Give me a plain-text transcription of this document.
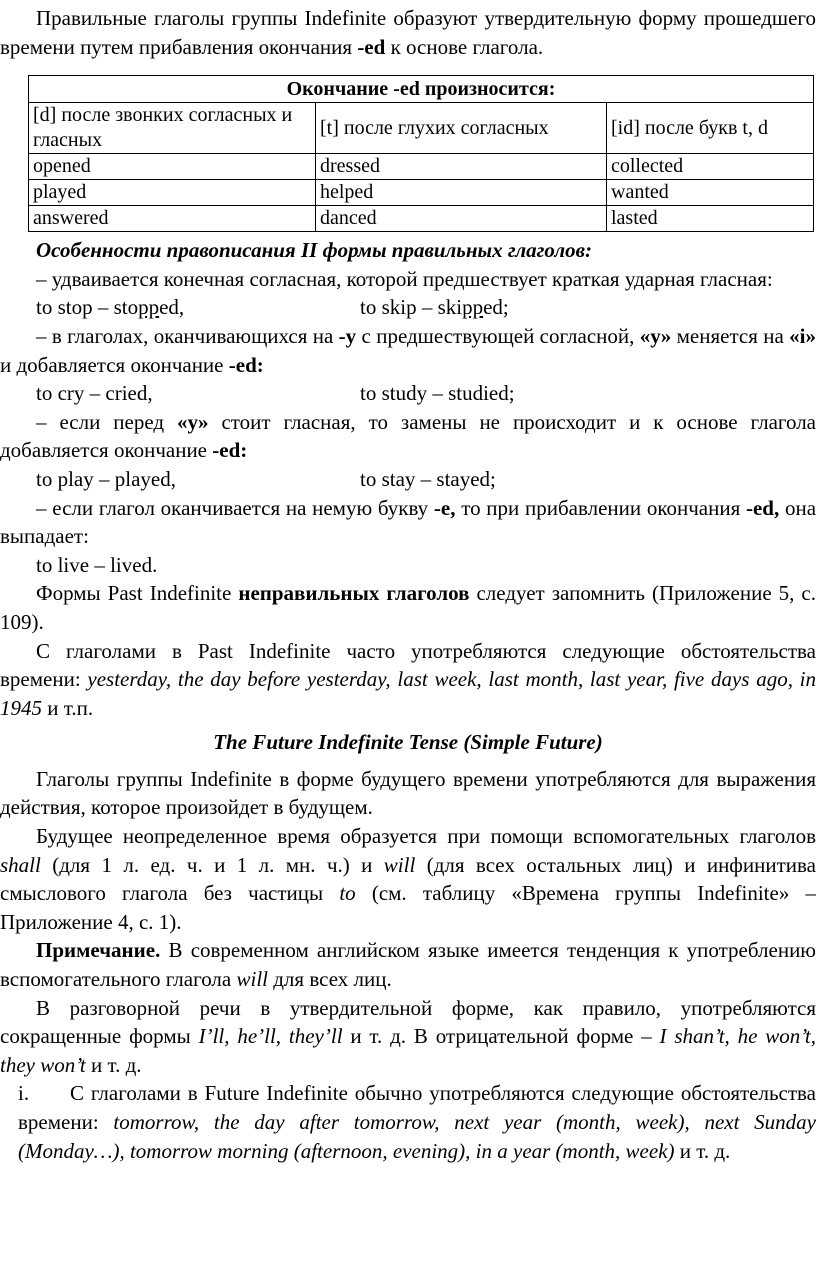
Правильные глаголы группы Indefinite образуют утвердительную форму прошедшего времени путем прибавления окончания -ed к основе глагола.

Окончание -ed произносится:		
[d] после звонких согласных и гласных	[t] после глухих согласных	[id] после букв t, d
opened	dressed	collected
played	helped	wanted
answered	danced	lasted

Особенности правописания II формы правильных глаголов:

– удваивается конечная согласная, которой предшествует краткая ударная гласная:

to stop – stopped,	to skip – skipped;

– в глаголах, оканчивающихся на -y с предшествующей согласной, «y» меняется на «i» и добавляется окончание -ed:

to cry – cried,	to study – studied;

– если перед «y» стоит гласная, то замены не происходит и к основе глагола добавляется окончание -ed:

to play – played,	to stay – stayed;

– если глагол оканчивается на немую букву -e, то при прибавлении окончания -ed, она выпадает:

to live – lived.

Формы Past Indefinite неправильных глаголов следует запомнить (Приложение 5, с. 109).

С глаголами в Past Indefinite часто употребляются следующие обстоятельства времени: yesterday, the day before yesterday, last week, last month, last year, five days ago, in 1945 и т.п.

The Future Indefinite Tense (Simple Future)

Глаголы группы Indefinite в форме будущего времени употребляются для выражения действия, которое произойдет в будущем.

Будущее неопределенное время образуется при помощи вспомогательных глаголов shall (для 1 л. ед. ч. и 1 л. мн. ч.) и will (для всех остальных лиц) и инфинитива смыслового глагола без частицы to (см. таблицу «Времена группы Indefinite» – Приложение 4, с. 1).

Примечание. В современном английском языке имеется тенденция к употреблению вспомогательного глагола will для всех лиц.

В разговорной речи в утвердительной форме, как правило, употребляются сокращенные формы I’ll, he’ll, they’ll и т. д. В отрицательной форме – I shan’t, he won’t, they won’t и т. д.

i. С глаголами в Future Indefinite обычно употребляются следующие обстоятельства времени: tomorrow, the day after tomorrow, next year (month, week), next Sunday (Monday…), tomorrow morning (afternoon, evening), in a year (month, week) и т. д.
